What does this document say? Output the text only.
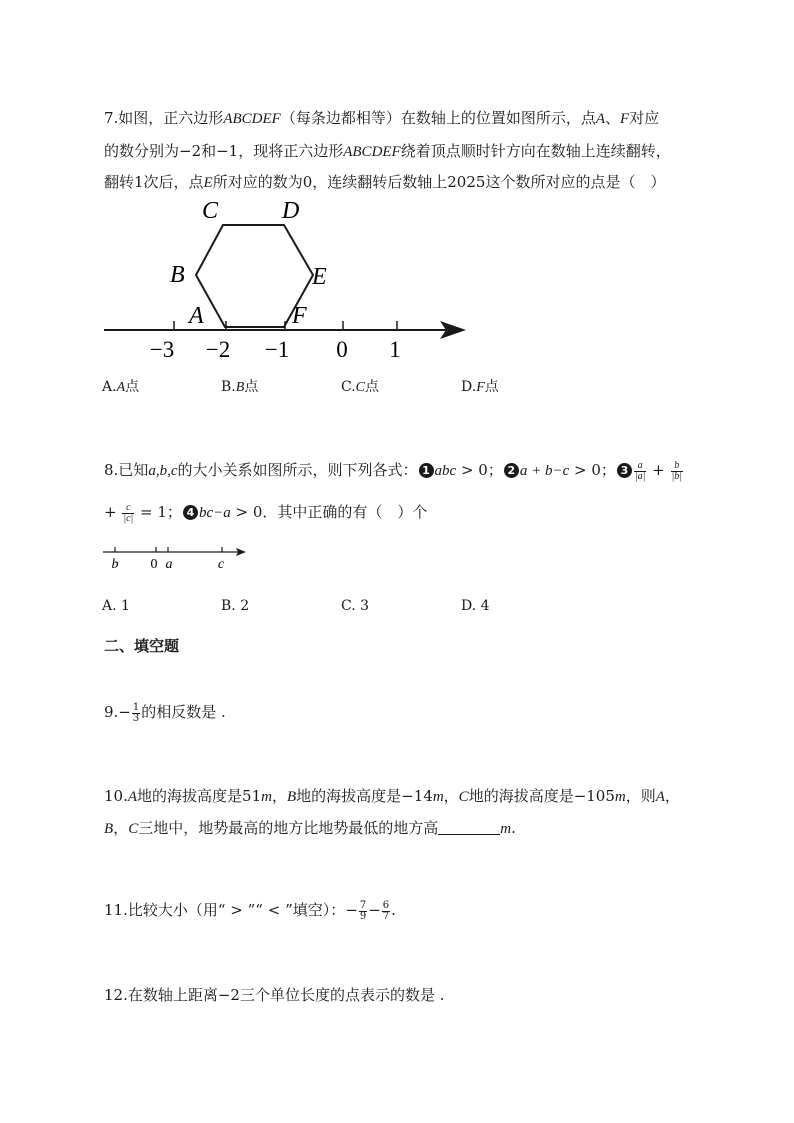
7.如图，正六边形ABCDEF（每条边都相等）在数轴上的位置如图所示，点A、F对应
的数分别为−2和−1，现将正六边形ABCDEF绕着顶点顺时针方向在数轴上连续翻转，
翻转1次后，点E所对应的数为0，连续翻转后数轴上2025这个数所对应的点是（　）
C	D
B	E
A	F
−3 −2 −1 0 1
A.A点	B.B点	C.C点	D.F点
8.已知a,b,c的大小关系如图所示，则下列各式： 1 abc > 0； 2 a + b−c > 0； $3 \frac{a}{|a|} + \frac{b}{|b|}$
+ $\frac{c}{|c|} = 1$； 4 bc−a > 0．其中正确的有（　）个
b 0 a	c
A. 1	B. 2	C. 3	D. 4
二、填空题
$9.- \frac{1}{3}$ 的相反数是 .
10.A地的海拔高度是51m，B地的海拔高度是−14m，C地的海拔高度是−105m，则A，
B，C三地中，地势最高的地方比地势最低的地方高	m.
11.比较大小（用“ > ”“ < ”填空）：− $\frac{7}{9} - \frac{6}{7}$ .
12.在数轴上距离−2三个单位长度的点表示的数是 .
